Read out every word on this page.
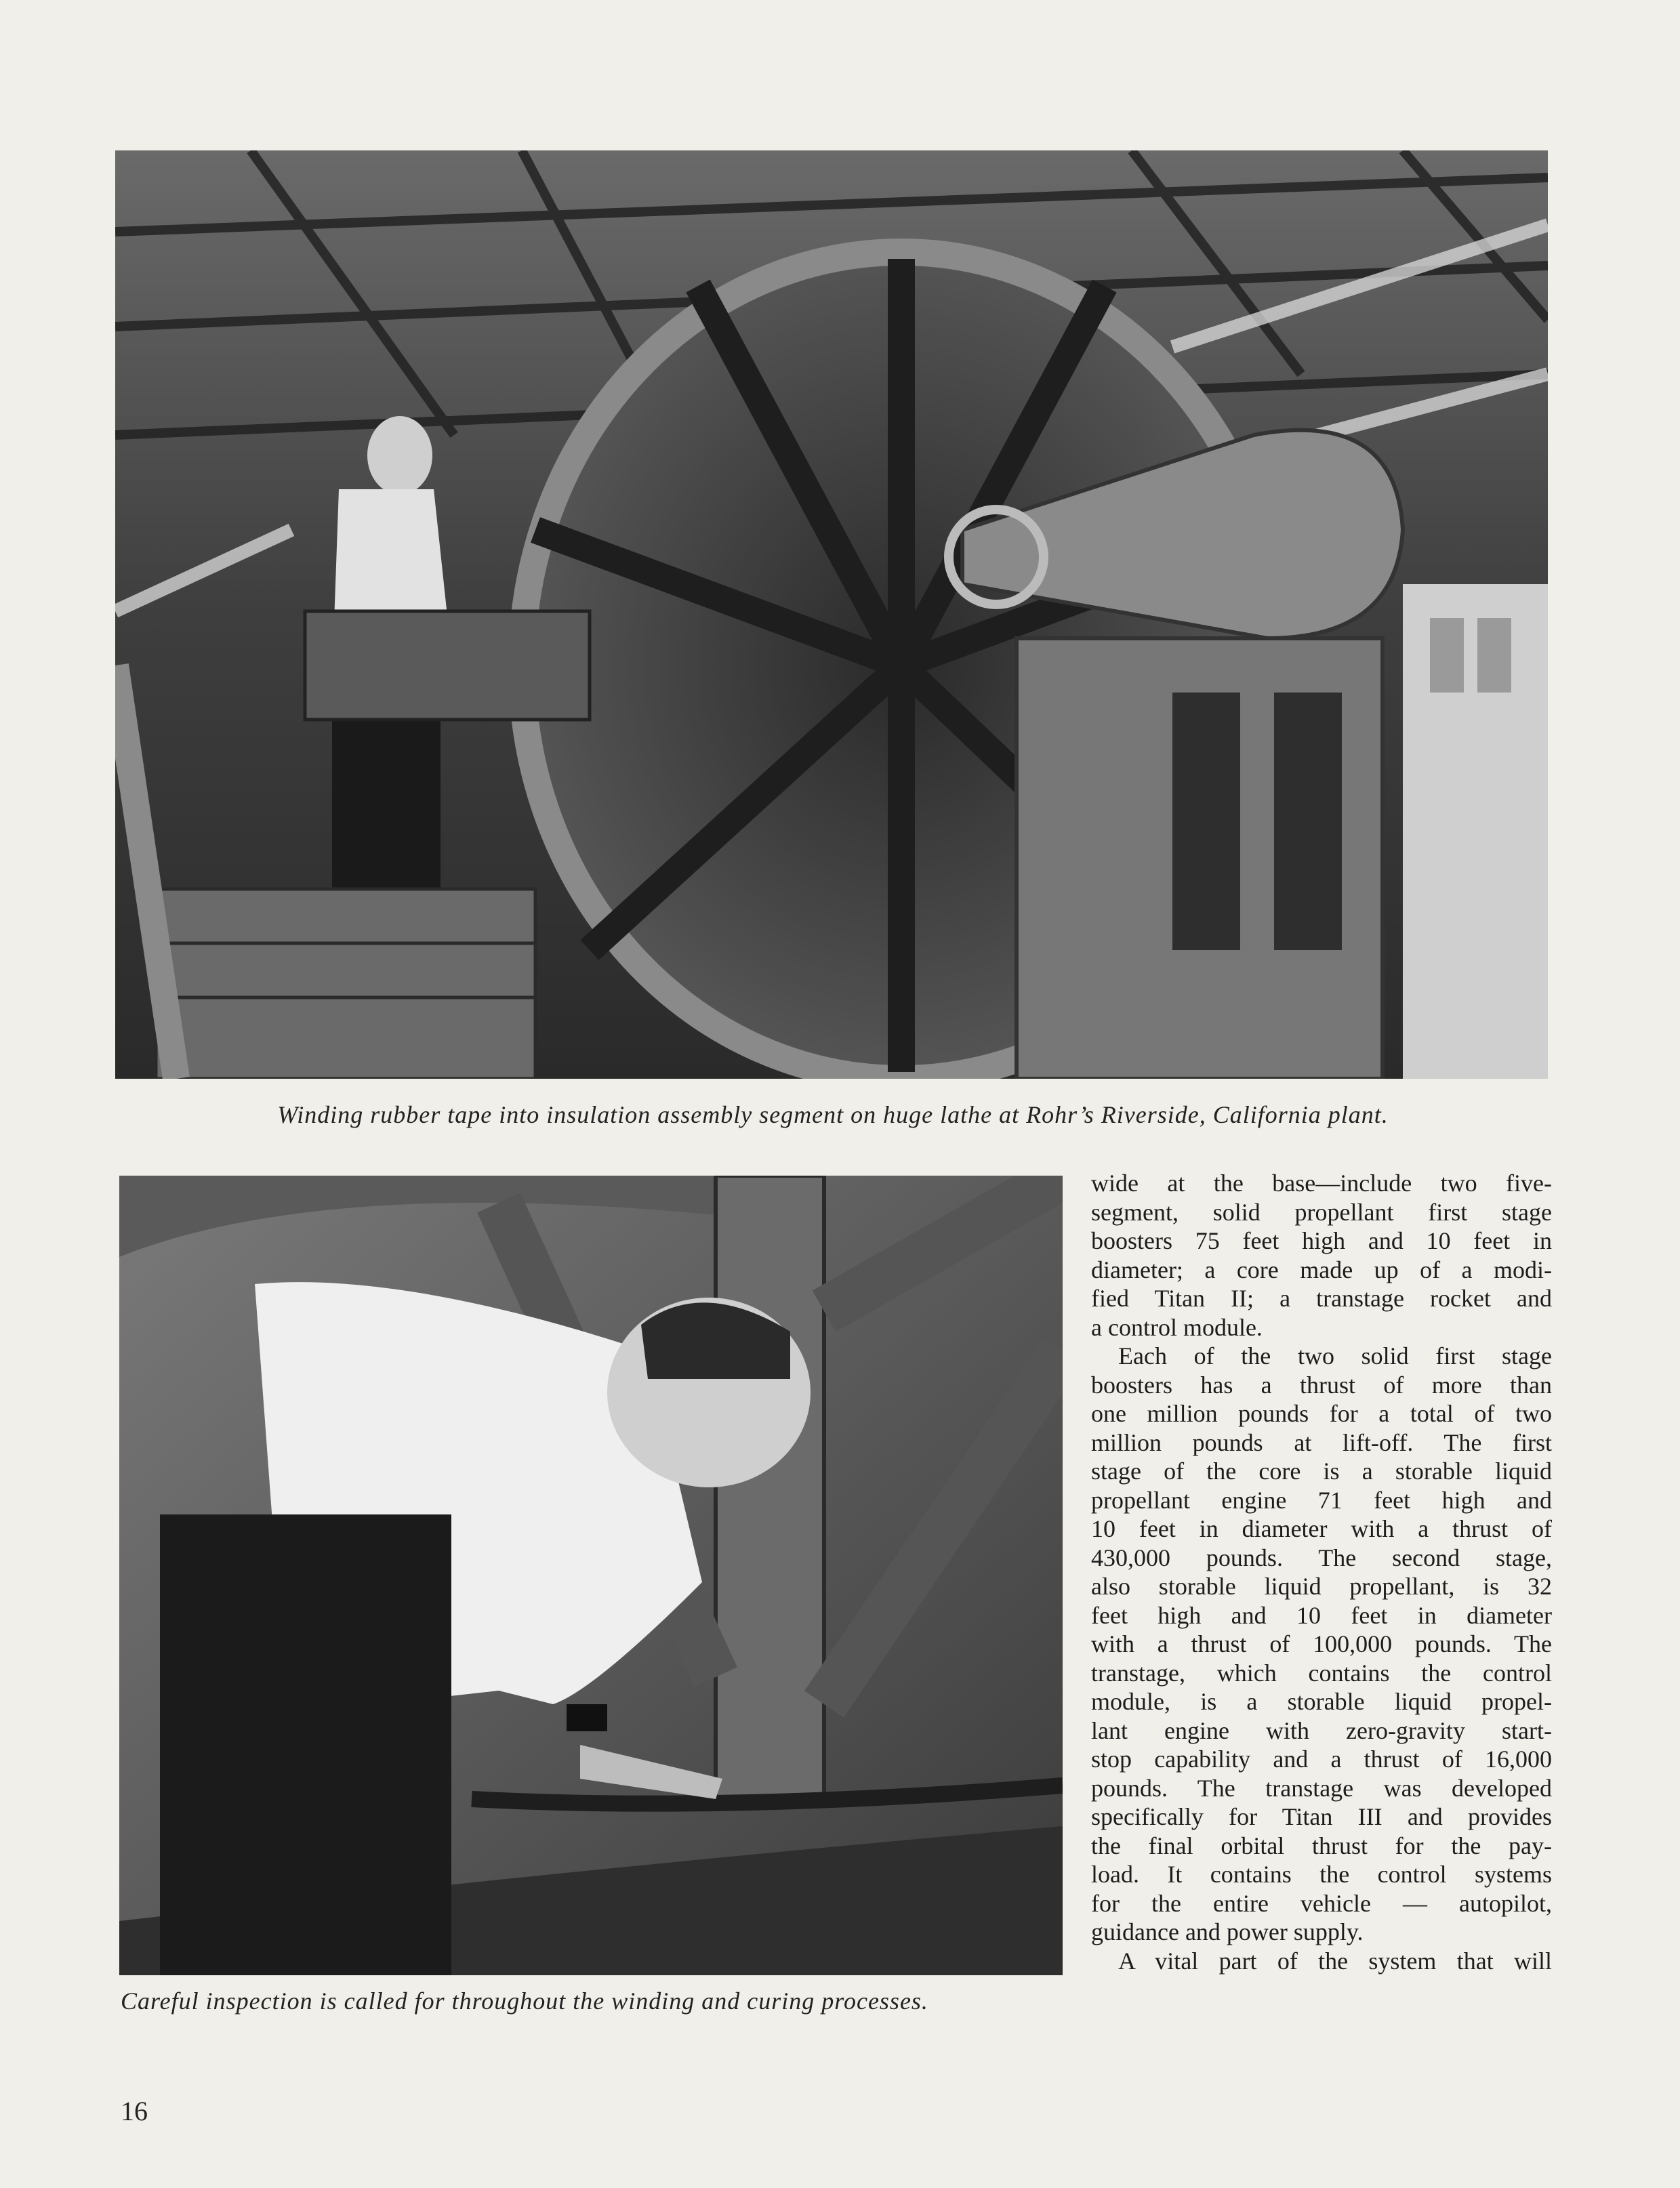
Winding rubber tape into insulation assembly segment on huge lathe at Rohr’s Riverside, California plant.

Careful inspection is called for throughout the winding and curing processes.

wide at the base—include two five-
segment, solid propellant first stage
boosters 75 feet high and 10 feet in
diameter; a core made up of a modi-
fied Titan II; a transtage rocket and
a control module.
Each of the two solid first stage
boosters has a thrust of more than
one million pounds for a total of two
million pounds at lift-off. The first
stage of the core is a storable liquid
propellant engine 71 feet high and
10 feet in diameter with a thrust of
430,000 pounds. The second stage,
also storable liquid propellant, is 32
feet high and 10 feet in diameter
with a thrust of 100,000 pounds. The
transtage, which contains the control
module, is a storable liquid propel-
lant engine with zero-gravity start-
stop capability and a thrust of 16,000
pounds. The transtage was developed
specifically for Titan III and provides
the final orbital thrust for the pay-
load. It contains the control systems
for the entire vehicle — autopilot,
guidance and power supply.
A vital part of the system that will

16
